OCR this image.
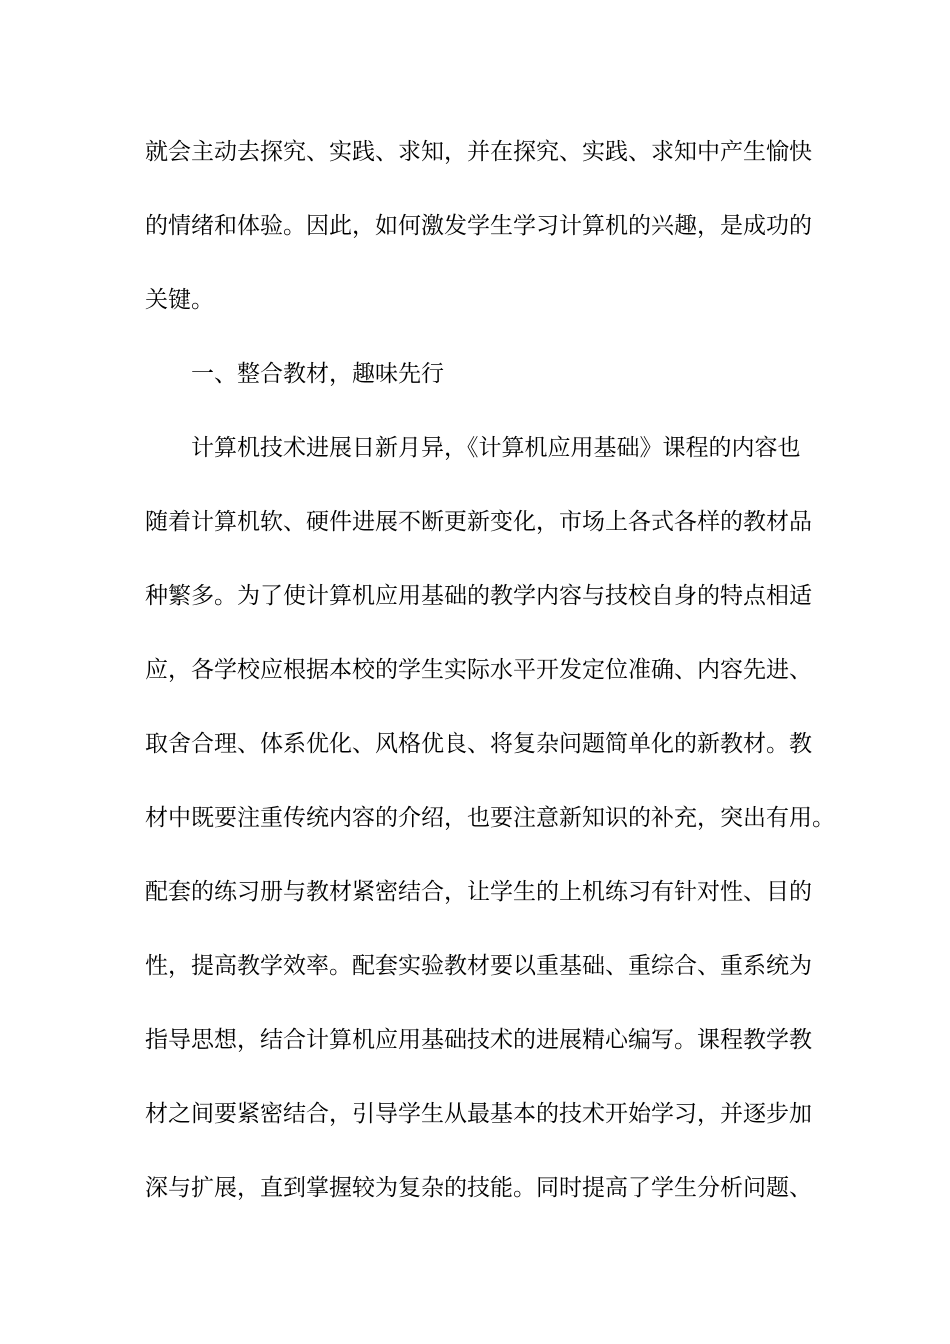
就会主动去探究、实践、求知，并在探究、实践、求知中产生愉快
的情绪和体验。因此，如何激发学生学习计算机的兴趣，是成功的
关键。
一、整合教材，趣味先行
计算机技术进展日新月异，《计算机应用基础》课程的内容也
随着计算机软、硬件进展不断更新变化，市场上各式各样的教材品
种繁多。为了使计算机应用基础的教学内容与技校自身的特点相适
应，各学校应根据本校的学生实际水平开发定位准确、内容先进、
取舍合理、体系优化、风格优良、将复杂问题简单化的新教材。教
材中既要注重传统内容的介绍，也要注意新知识的补充，突出有用。
配套的练习册与教材紧密结合，让学生的上机练习有针对性、目的
性，提高教学效率。配套实验教材要以重基础、重综合、重系统为
指导思想，结合计算机应用基础技术的进展精心编写。课程教学教
材之间要紧密结合，引导学生从最基本的技术开始学习，并逐步加
深与扩展，直到掌握较为复杂的技能。同时提高了学生分析问题、
